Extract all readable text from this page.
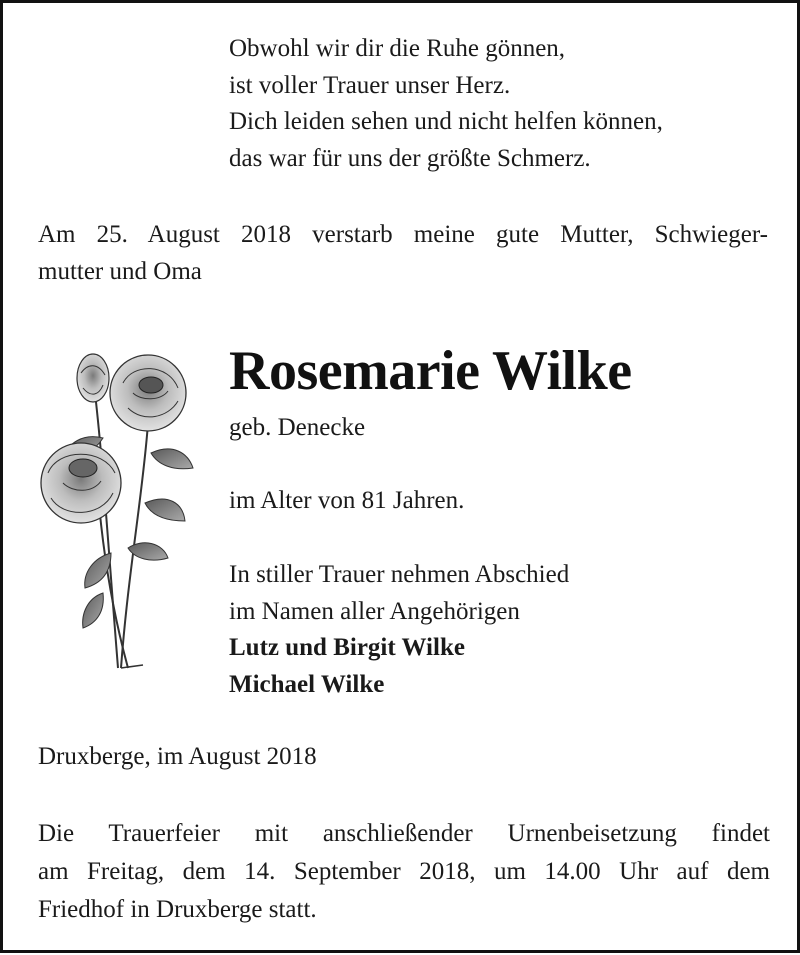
Obwohl wir dir die Ruhe gönnen,
ist voller Trauer unser Herz.
Dich leiden sehen und nicht helfen können,
das war für uns der größte Schmerz.
Am 25. August 2018 verstarb meine gute Mutter, Schwieger-
mutter und Oma
Rosemarie Wilke
geb. Denecke
im Alter von 81 Jahren.
In stiller Trauer nehmen Abschied
im Namen aller Angehörigen
Lutz und Birgit Wilke
Michael Wilke
Druxberge, im August 2018
Die Trauerfeier mit anschließender Urnenbeisetzung findet
am Freitag, dem 14. September 2018, um 14.00 Uhr auf dem
Friedhof in Druxberge statt.
